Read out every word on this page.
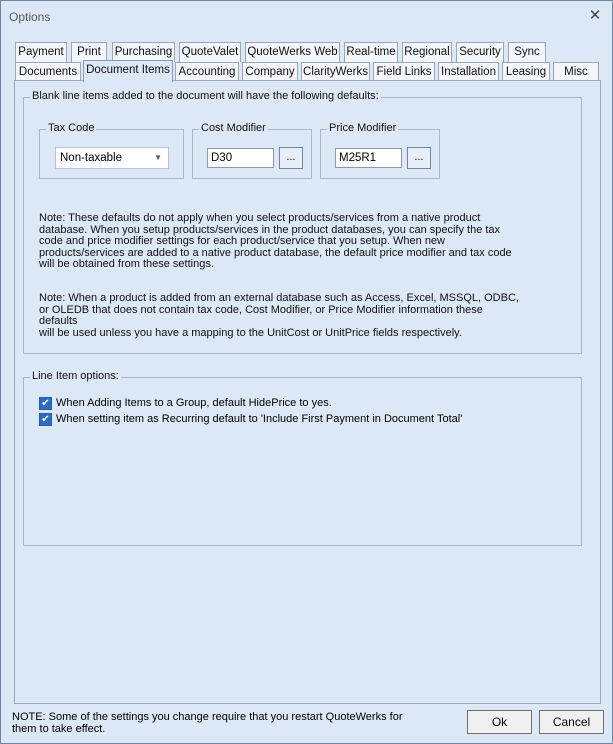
Options	✕
Payment	Print	Purchasing QuoteValet QuoteWerks Web Real-time Regional Security	Sync
Documents Document Items Accounting Company ClarityWerks Field Links Installation Leasing	Misc
Blank line items added to the document will have the following defaults:
Tax Code
Non-taxable	▼
Cost Modifier
D30	...
Price Modifier
M25R1	...
Note: These defaults do not apply when you select products/services from a native product
database. When you setup products/services in the product databases, you can specify the tax
code and price modifier settings for each product/service that you setup. When new
products/services are added to a native product database, the default price modifier and tax code
will be obtained from these settings.
Note: When a product is added from an external database such as Access, Excel, MSSQL, ODBC,
or OLEDB that does not contain tax code, Cost Modifier, or Price Modifier information these defaults
will be used unless you have a mapping to the UnitCost or UnitPrice fields respectively.
Line Item options:
✔ When Adding Items to a Group, default HidePrice to yes.
✔ When setting item as Recurring default to 'Include First Payment in Document Total'
NOTE: Some of the settings you change require that you restart QuoteWerks for
them to take effect.	Ok	Cancel
